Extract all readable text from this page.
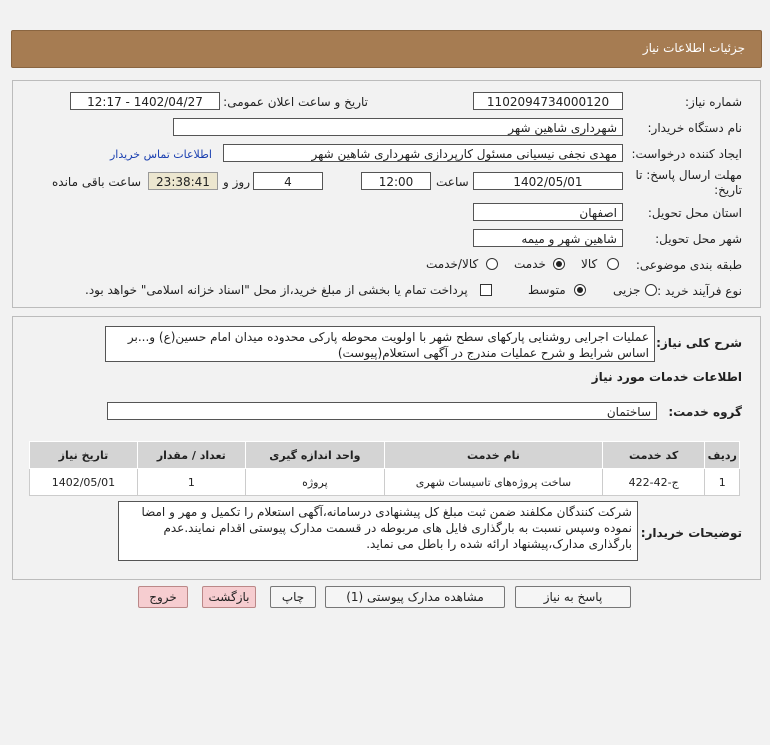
جزئیات اطلاعات نیاز
شماره نیاز:
1102094734000120
تاریخ و ساعت اعلان عمومی:
1402/04/27 - 12:17
نام دستگاه خریدار:
شهرداری شاهین شهر
ایجاد کننده درخواست:
مهدی نجفی نیسیانی مسئول کارپردازی شهرداری شاهین شهر
اطلاعات تماس خریدار
مهلت ارسال پاسخ: تا
تاریخ:
1402/05/01
ساعت
12:00
4
روز و
23:38:41
ساعت باقی مانده
استان محل تحویل:
اصفهان
شهر محل تحویل:
شاهین شهر و میمه
طبقه بندی موضوعی:
کالا
خدمت
کالا/خدمت
نوع فرآیند خرید :
جزیی
متوسط
پرداخت تمام یا بخشی از مبلغ خرید،از محل "اسناد خزانه اسلامی" خواهد بود.
شرح کلی نیاز:
عملیات اجرایی روشنایی پارکهای سطح شهر با اولویت محوطه پارکی محدوده میدان امام حسین(ع) و...بر اساس شرایط و شرح عملیات مندرج در آگهی استعلام(پیوست)
اطلاعات خدمات مورد نیاز
گروه خدمت:
ساختمان
ردیف	کد خدمت	نام خدمت	واحد اندازه گیری	تعداد / مقدار	تاریخ نیاز
1	ج-42-422	ساخت پروژه‌های تاسیسات شهری	پروژه	1	1402/05/01
توضیحات خریدار:
شرکت کنندگان مکلفند ضمن ثبت مبلغ کل پیشنهادی درسامانه،آگهی استعلام را تکمیل و مهر و امضا نموده وسپس نسبت به بارگذاری فایل های مربوطه در قسمت مدارک پیوستی اقدام نمایند.عدم بارگذاری مدارک،پیشنهاد ارائه شده را باطل می نماید.
پاسخ به نیاز
مشاهده مدارک پیوستی (1)
چاپ
بازگشت
خروج
